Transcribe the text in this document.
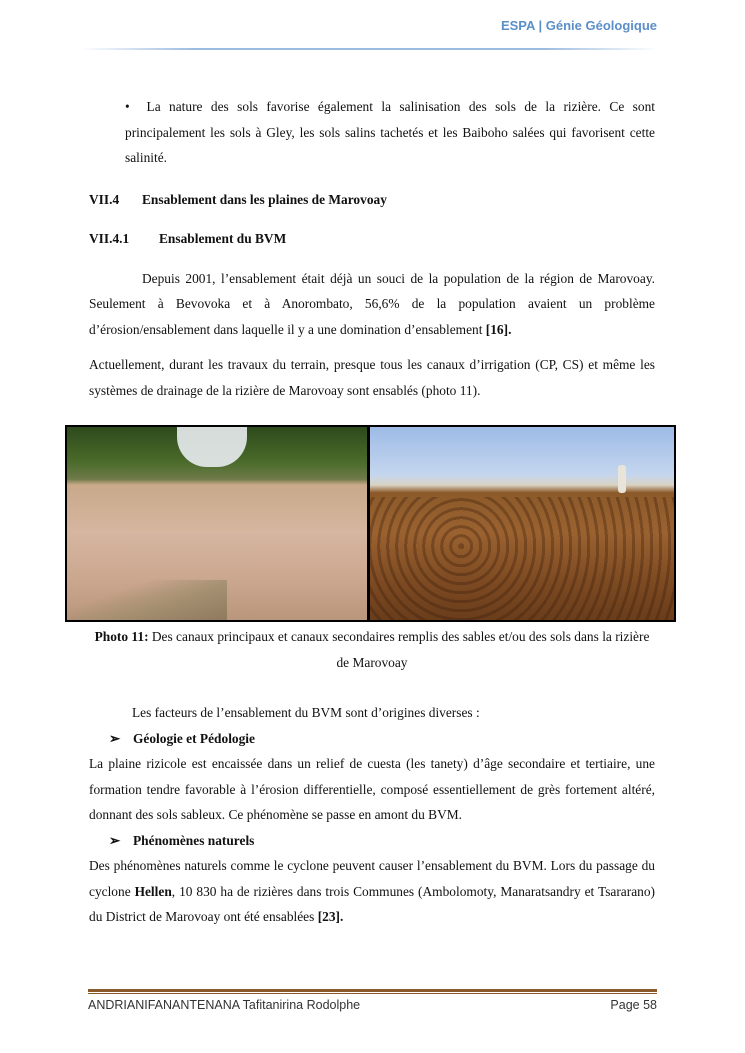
ESPA | Génie Géologique

• La nature des sols favorise également la salinisation des sols de la rizière. Ce sont principalement les sols à Gley, les sols salins tachetés et les Baiboho salées qui favorisent cette salinité.

VII.4 Ensablement dans les plaines de Marovoay

VII.4.1 Ensablement du BVM

Depuis 2001, l’ensablement était déjà un souci de la population de la région de Marovoay. Seulement à Bevovoka et à Anorombato, 56,6% de la population avaient un problème d’érosion/ensablement dans laquelle il y a une domination d’ensablement [16].

Actuellement, durant les travaux du terrain, presque tous les canaux d’irrigation (CP, CS) et même les systèmes de drainage de la rizière de Marovoay sont ensablés (photo 11).

Photo 11: Des canaux principaux et canaux secondaires remplis des sables et/ou des sols dans la rizière de Marovoay

Les facteurs de l’ensablement du BVM sont d’origines diverses :

➢ Géologie et Pédologie

La plaine rizicole est encaissée dans un relief de cuesta (les tanety) d’âge secondaire et tertiaire, une formation tendre favorable à l’érosion differentielle, composé essentiellement de grès fortement altéré, donnant des sols sableux. Ce phénomène se passe en amont du BVM.

➢ Phénomènes naturels

Des phénomènes naturels comme le cyclone peuvent causer l’ensablement du BVM. Lors du passage du cyclone Hellen, 10 830 ha de rizières dans trois Communes (Ambolomoty, Manaratsandry et Tsararano) du District de Marovoay ont été ensablées [23].

ANDRIANIFANANTENANA Tafitanirina Rodolphe	Page 58
